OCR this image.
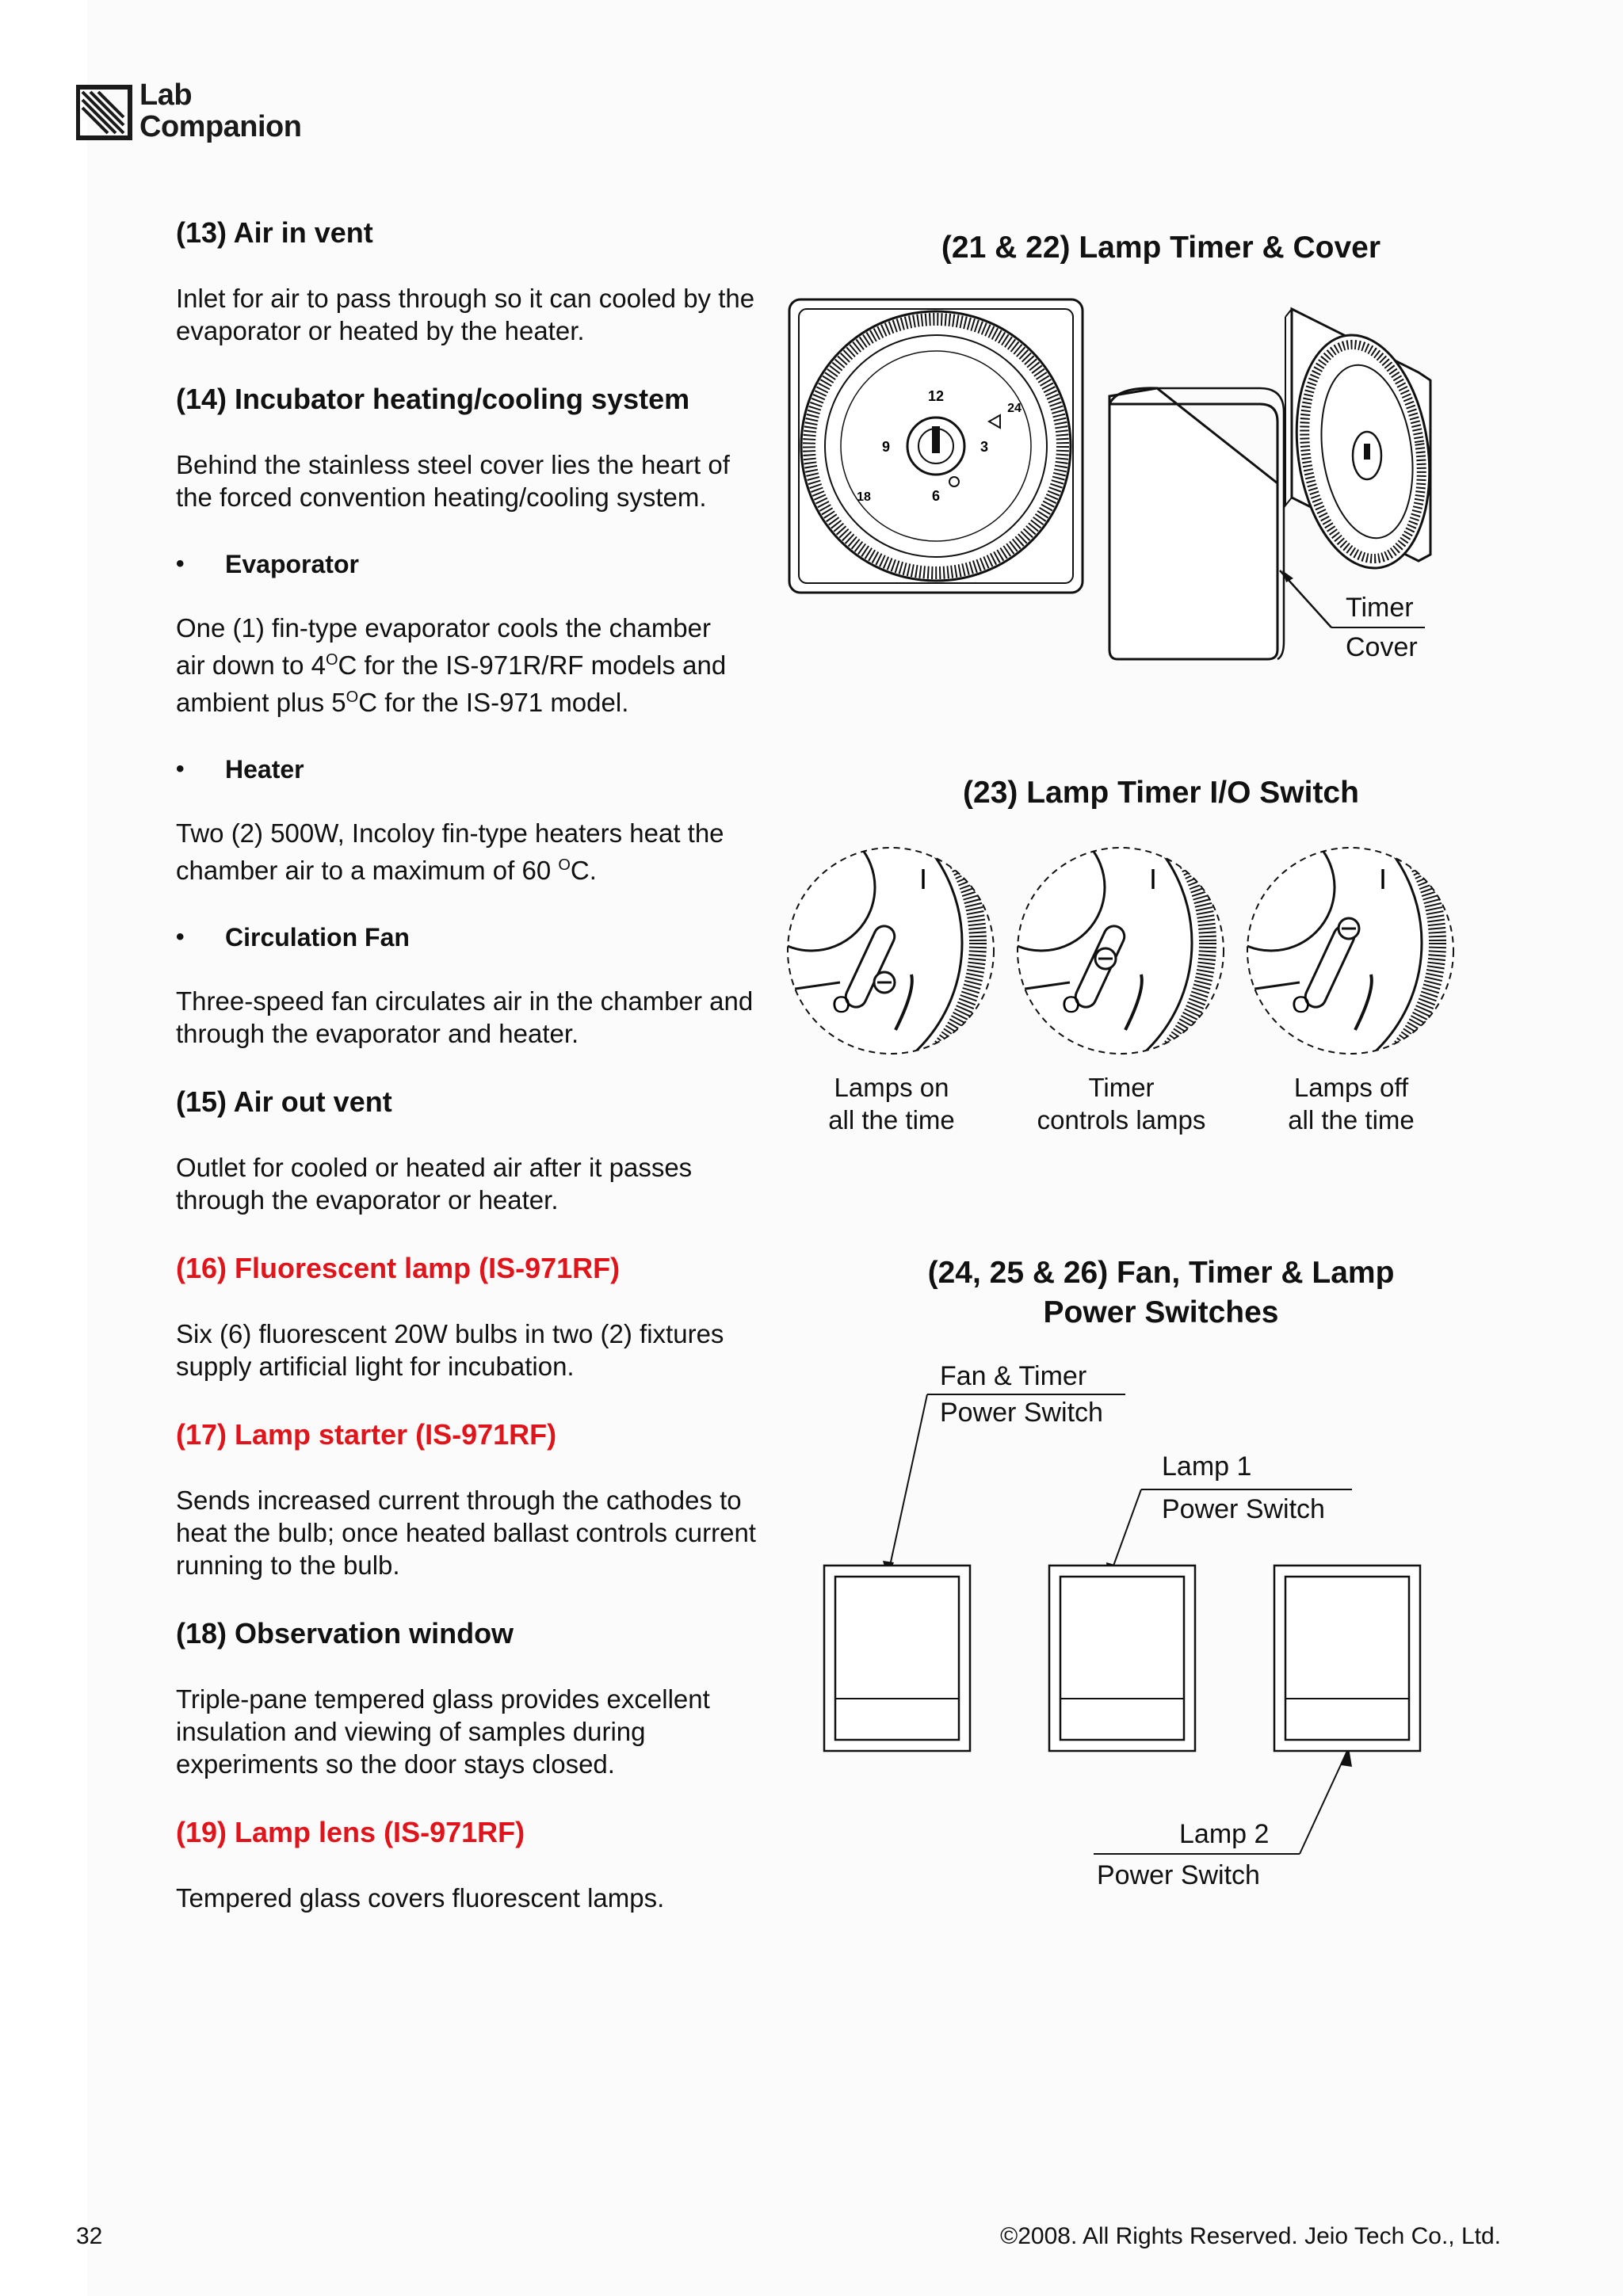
Lab
Companion

(13) Air in vent

Inlet for air to pass through so it can cooled by the evaporator or heated by the heater.

(14) Incubator heating/cooling system

Behind the stainless steel cover lies the heart of the forced convention heating/cooling system.

•	Evaporator

One (1) fin-type evaporator cools the chamber
air down to $4^OC$ for the IS-971R/RF models and
ambient plus $5^OC$ for the IS-971 model.

•	Heater

Two (2) 500W, Incoloy fin-type heaters heat the
chamber air to a maximum of 60 $^O$C.

•	Circulation Fan

Three-speed fan circulates air in the chamber and through the evaporator and heater.

(15) Air out vent

Outlet for cooled or heated air after it passes through the evaporator or heater.

(16) Fluorescent lamp (IS-971RF)

Six (6) fluorescent 20W bulbs in two (2) fixtures supply artificial light for incubation.

(17) Lamp starter (IS-971RF)

Sends increased current through the cathodes to heat the bulb; once heated ballast controls current running to the bulb.

(18) Observation window

Triple-pane tempered glass provides excellent insulation and viewing of samples during experiments so the door stays closed.

(19) Lamp lens (IS-971RF)

Tempered glass covers fluorescent lamps.

(21 & 22) Lamp Timer & Cover
12
9
6
3
24
18
Timer
Cover
(23) Lamp Timer I/O Switch
I
O
I
O
I
O
Lamps on
all the time
Timer
controls lamps
Lamps off
all the time
(24, 25 & 26) Fan, Timer & Lamp
Power Switches
Fan & Timer
Power Switch
Lamp 1
Power Switch
Lamp 2
Power Switch
32	©2008. All Rights Reserved. Jeio Tech Co., Ltd.
